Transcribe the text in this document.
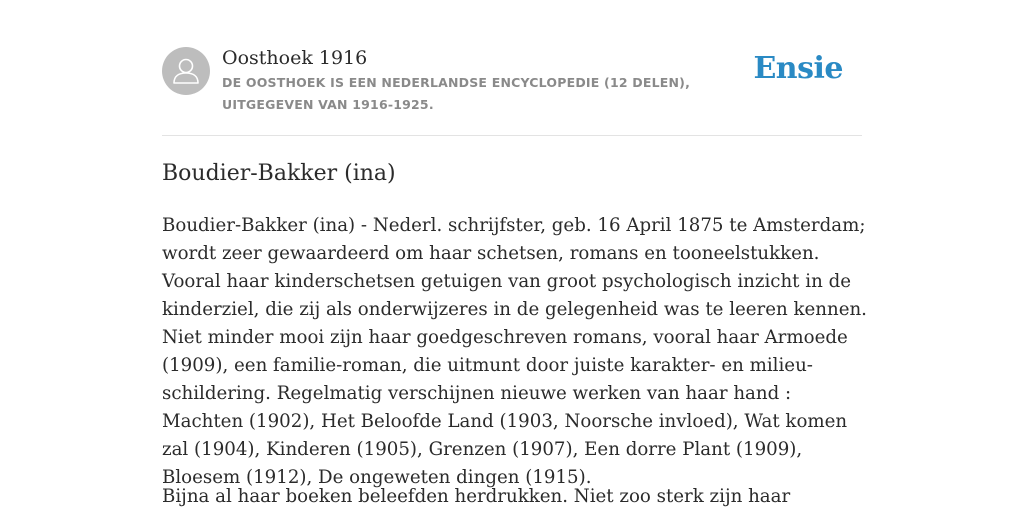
Oosthoek 1916
DE OOSTHOEK IS EEN NEDERLANDSE ENCYCLOPEDIE (12 DELEN), UITGEGEVEN VAN 1916-1925.
Ensie
Boudier-Bakker (ina)

Boudier-Bakker (ina) - Nederl. schrijfster, geb. 16 April 1875 te Amsterdam; wordt zeer gewaardeerd om haar schetsen, romans en tooneelstukken. Vooral haar kinderschetsen getuigen van groot psychologisch inzicht in de kinderziel, die zij als onderwijzeres in de gelegenheid was te leeren kennen. Niet minder mooi zijn haar goedgeschreven romans, vooral haar Armoede (1909), een familie-roman, die uitmunt door juiste karakter- en milieu-schildering. Regelmatig verschijnen nieuwe werken van haar hand : Machten (1902), Het Beloofde Land (1903, Noorsche invloed), Wat komen zal (1904), Kinderen (1905), Grenzen (1907), Een dorre Plant (1909), Bloesem (1912), De ongeweten dingen (1915).

Bijna al haar boeken beleefden herdrukken. Niet zoo sterk zijn haar
